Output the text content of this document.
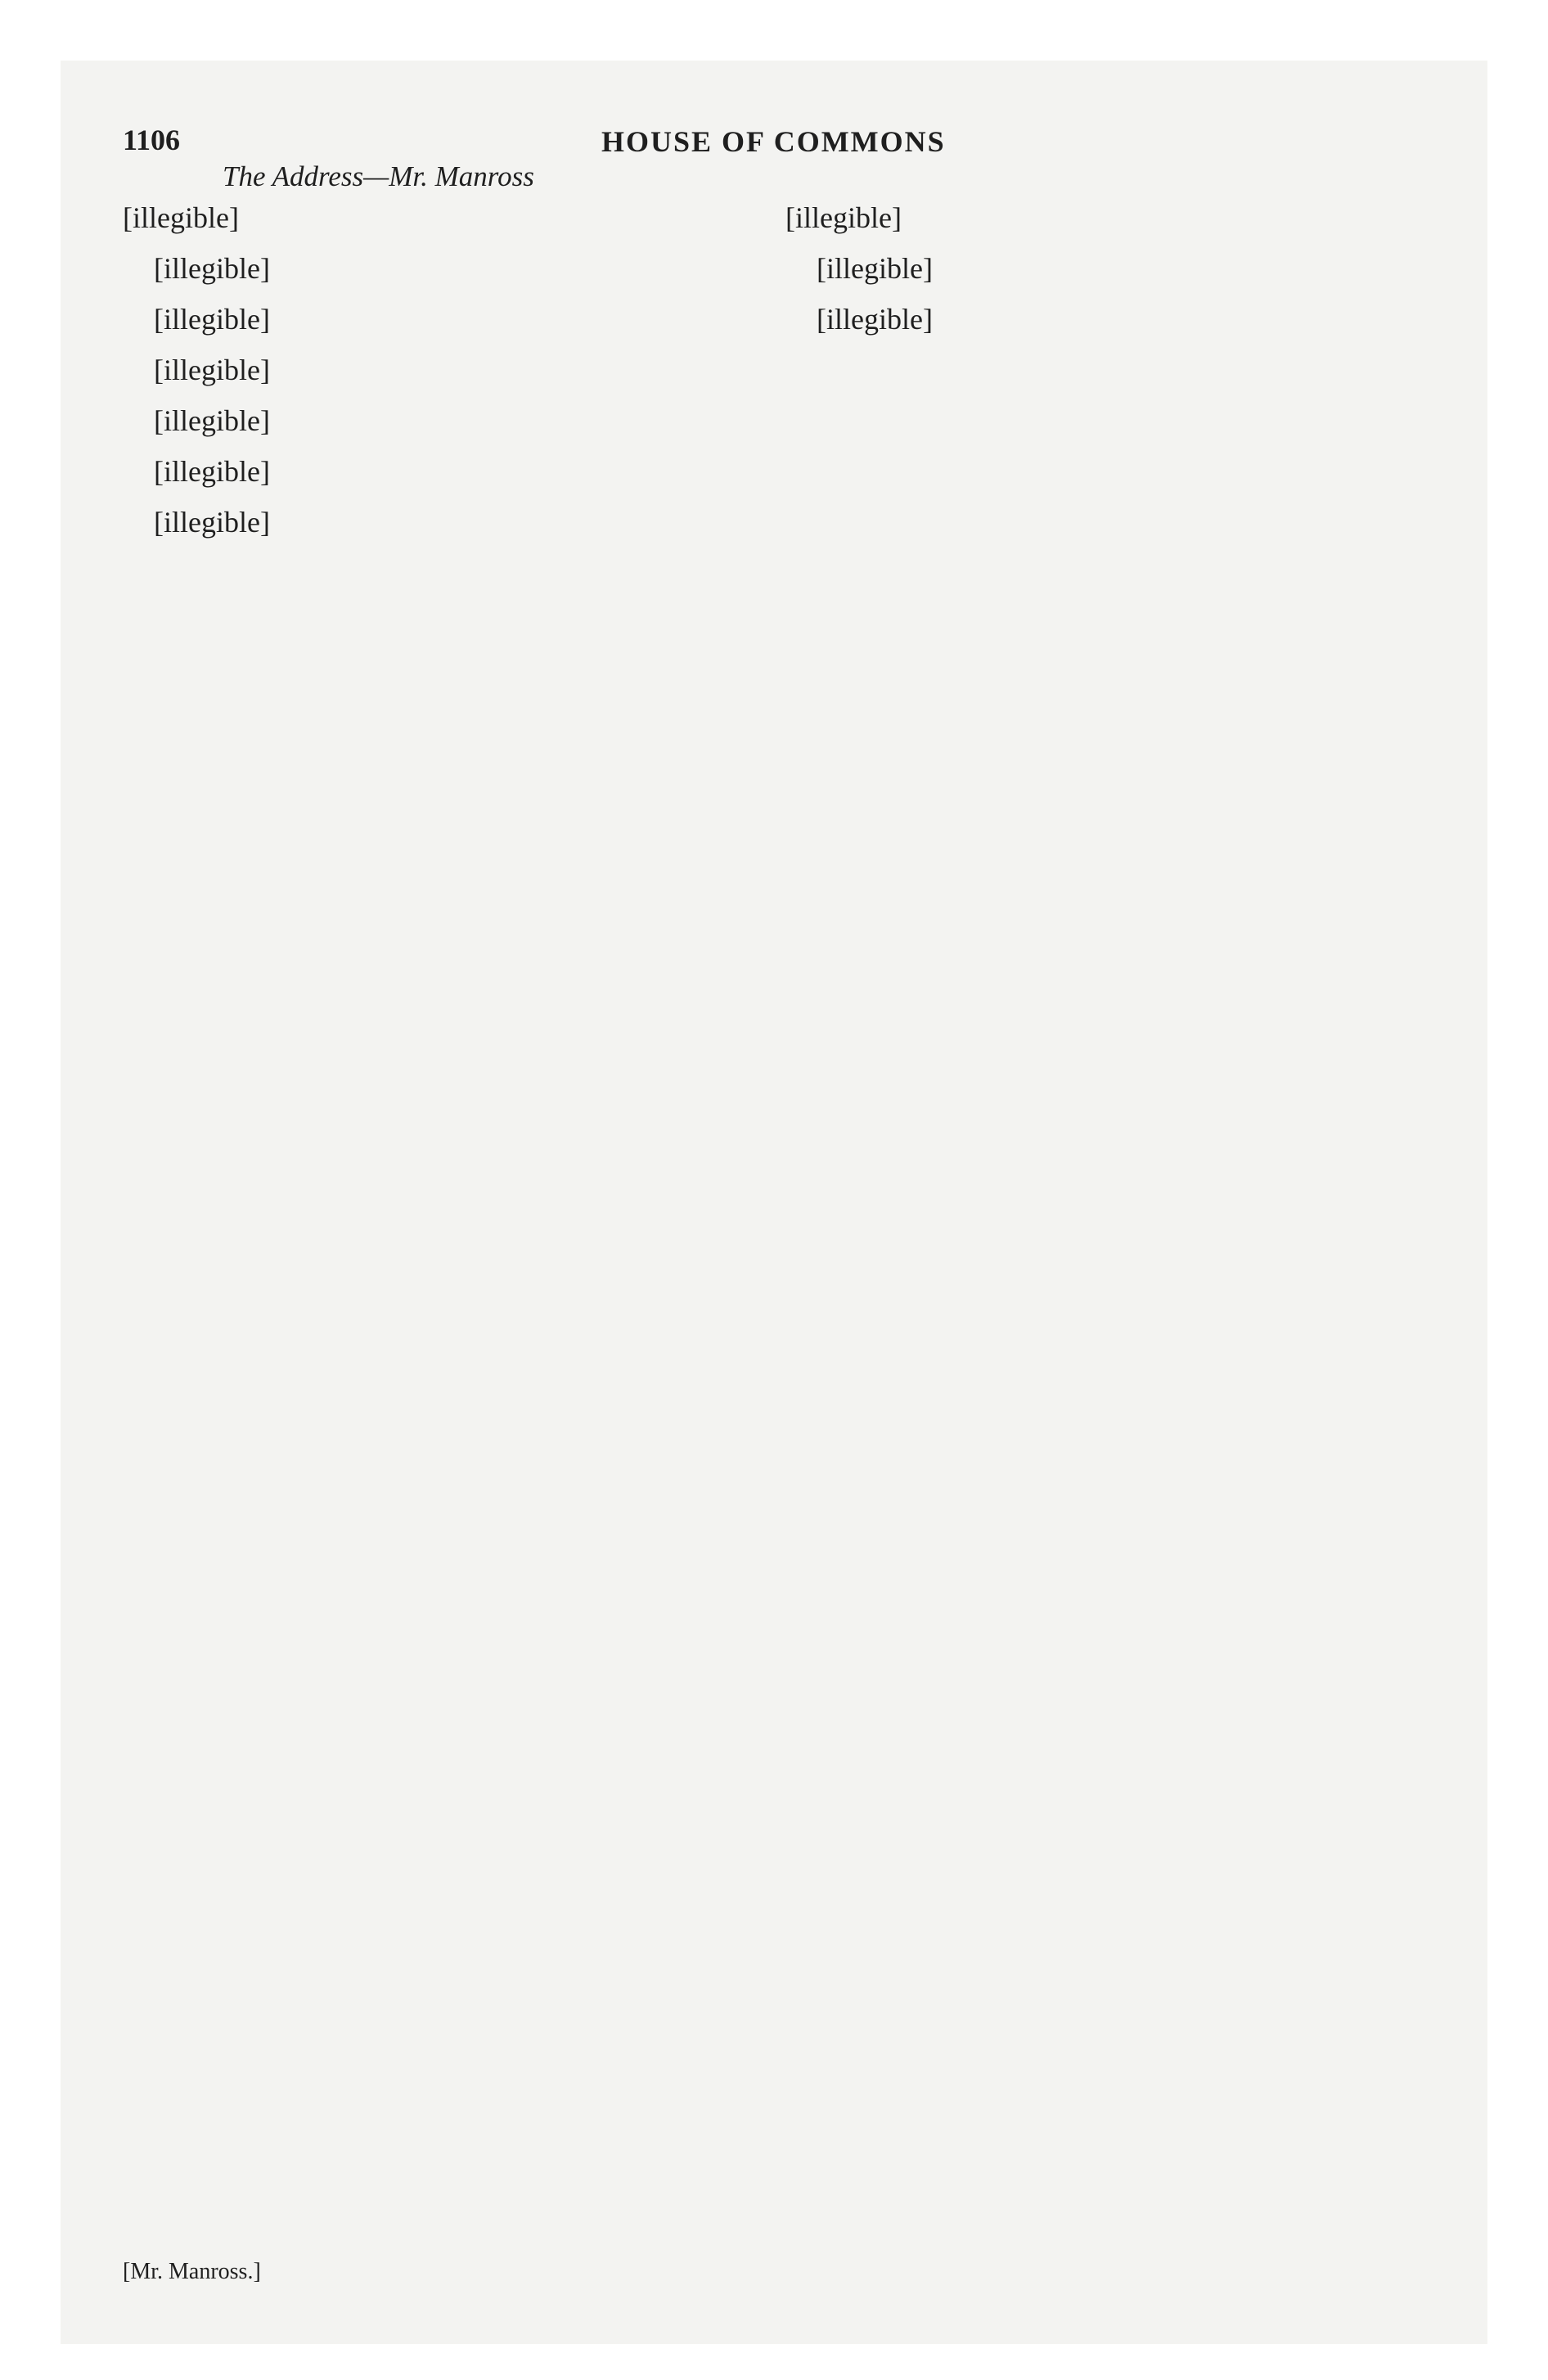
1106	HOUSE OF COMMONS
The Address—Mr. Manross

[illegible]

[illegible]

[illegible]

[illegible]

[illegible]

[illegible]

[illegible]

[illegible]

[illegible]

[illegible]

[Mr. Manross.]
